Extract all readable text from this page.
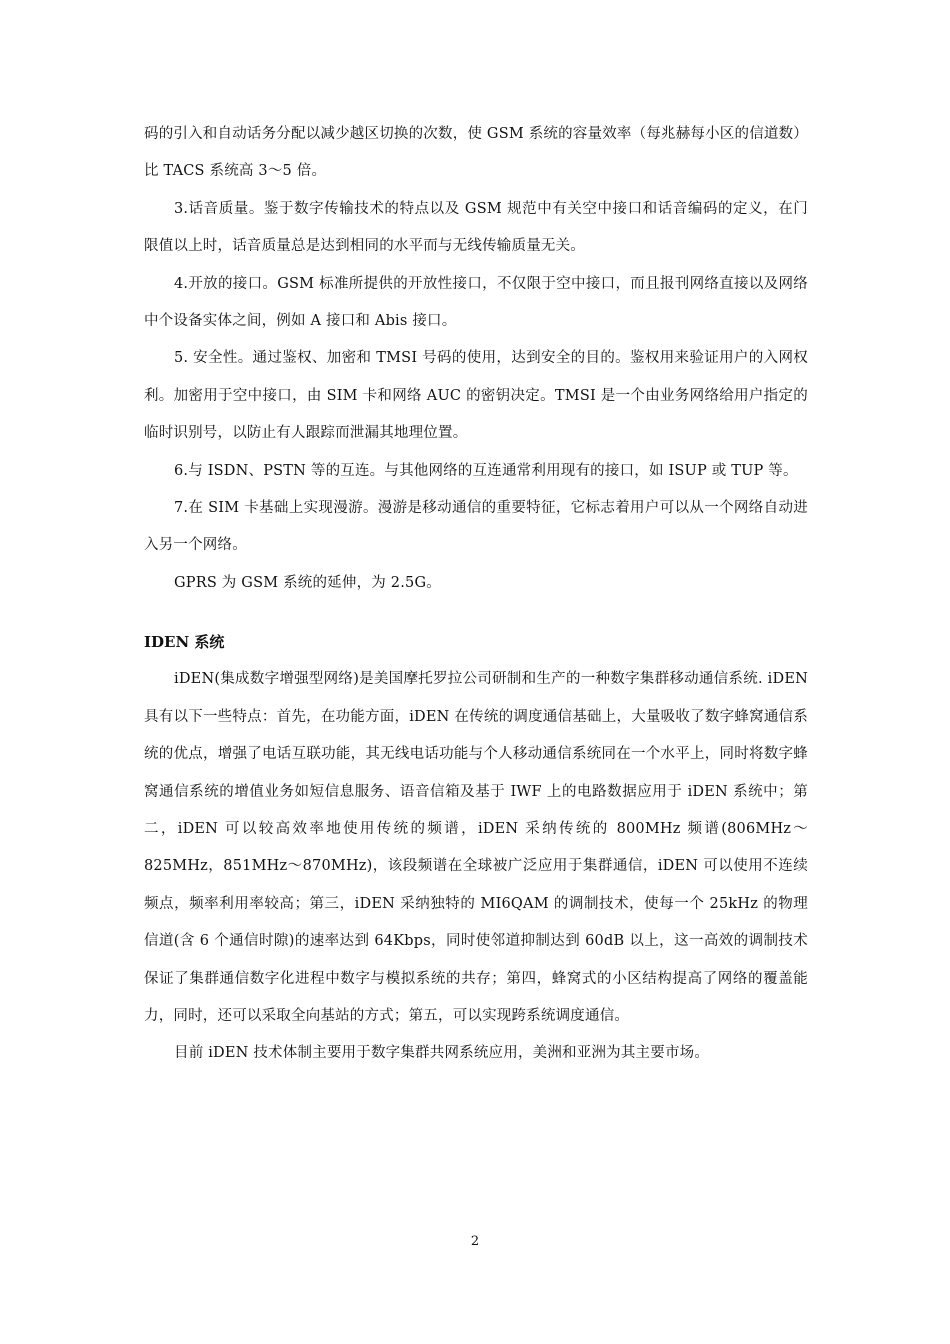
码的引入和自动话务分配以减少越区切换的次数，使 GSM 系统的容量效率（每兆赫每小区的信道数）比 TACS 系统高 3～5 倍。

3.话音质量。鉴于数字传输技术的特点以及 GSM 规范中有关空中接口和话音编码的定义，在门限值以上时，话音质量总是达到相同的水平而与无线传输质量无关。

4.开放的接口。GSM 标准所提供的开放性接口，不仅限于空中接口，而且报刊网络直接以及网络中个设备实体之间，例如 A 接口和 Abis 接口。

5. 安全性。通过鉴权、加密和 TMSI 号码的使用，达到安全的目的。鉴权用来验证用户的入网权利。加密用于空中接口，由 SIM 卡和网络 AUC 的密钥决定。TMSI 是一个由业务网络给用户指定的临时识别号，以防止有人跟踪而泄漏其地理位置。

6.与 ISDN、PSTN 等的互连。与其他网络的互连通常利用现有的接口，如 ISUP 或 TUP 等。

7.在 SIM 卡基础上实现漫游。漫游是移动通信的重要特征，它标志着用户可以从一个网络自动进入另一个网络。

GPRS 为 GSM 系统的延伸，为 2.5G。

IDEN 系统

iDEN(集成数字增强型网络)是美国摩托罗拉公司研制和生产的一种数字集群移动通信系统. iDEN 具有以下一些特点：首先，在功能方面，iDEN 在传统的调度通信基础上，大量吸收了数字蜂窝通信系统的优点，增强了电话互联功能，其无线电话功能与个人移动通信系统同在一个水平上，同时将数字蜂窝通信系统的增值业务如短信息服务、语音信箱及基于 IWF 上的电路数据应用于 iDEN 系统中；第二，iDEN 可以较高效率地使用传统的频谱，iDEN 采纳传统的 800MHz 频谱(806MHz～825MHz，851MHz～870MHz)，该段频谱在全球被广泛应用于集群通信，iDEN 可以使用不连续频点，频率利用率较高；第三，iDEN 采纳独特的 MI6QAM 的调制技术，使每一个 25kHz 的物理信道(含 6 个通信时隙)的速率达到 64Kbps，同时使邻道抑制达到 60dB 以上，这一高效的调制技术保证了集群通信数字化进程中数字与模拟系统的共存；第四，蜂窝式的小区结构提高了网络的覆盖能力，同时，还可以采取全向基站的方式；第五，可以实现跨系统调度通信。

目前 iDEN 技术体制主要用于数字集群共网系统应用，美洲和亚洲为其主要市场。

2
